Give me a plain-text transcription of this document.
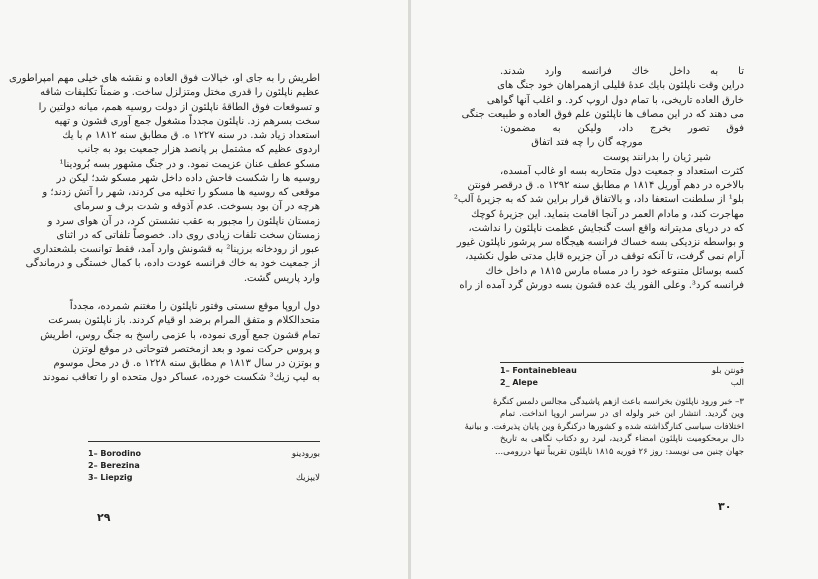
اطریش را به جای او، خیالات فوق العاده و نقشه های خیلی مهم امپراطوری
عظیم ناپلئون را قدری مختل ومتزلزل ساخت. و ضمناً تکلیفات شاقه
و تسوقعات فوق الطاقهٔ ناپلئون از دولت روسیه همم، میانه دولتین را
سخت بسرهم زد. ناپلئون مجدداً مشغول جمع آوری قشون و تهیه
استعداد زیاد شد. در سنه ۱۲۲۷ ه. ق مطابق سنه ۱۸۱۲ م با یك
اردوی عظیم که مشتمل بر پانصد هزار جمعیت بود به جانب
مسکو عطف عنان عزیمت نمود. و در جنگ مشهور بسه بُرودینا¹
روسیه ها را شکست فاحش داده داخل شهر مسکو شد؛ لیکن در
موقعی که روسیه ها مسکو را تخلیه می کردند، شهر را آتش زدند؛ و
هرچه در آن بود بسوخت. عدم آذوقه و شدت برف و سرمای
زمستان ناپلئون را مجبور به عقب نشستن کرد، در آن هوای سرد و
زمستان سخت تلفات زیادی روی داد. خصوصاً تلفاتی که در اثنای
عبور از رودخانه برزینا² به قشونش وارد آمد، فقط توانست بلشعتداری
از جمعیت خود به خاك فرانسه عودت داده، با کمال خستگی و درماندگی
وارد پاریس گشت.

دول اروپا موقع سستی وفتور ناپلئون را مغتنم شمرده، مجدداً
متحدالکلام و متفق المرام برضد او قیام کردند. باز ناپلئون بسرعت
تمام قشون جمع آوری نموده، با عزمی راسخ به جنگ روس، اطریش
و پروس حرکت نمود و بعد ازمختصر فتوحاتی در موقع لوتزن
و بوتزن در سال ۱۸۱۳ م مطابق سنه ۱۲۲۸ ه. ق در محل موسوم
به لیپ زیك³ شکست خورده، عساکر دول متحده او را تعاقب نمودند
1– Borodino	بورودینو
2– Berezina
3– Liepzig	لایپزیك
۲۹
تا به داخل خاك فرانسه وارد شدند.
دراین وقت ناپلئون بایك عدهٔ قلیلی ازهمراهان خود جنگ های
خارق العاده تاریخی، با تمام دول اروپ کرد. و اغلب آنها گواهی
می دهند که در این مصاف ها ناپلئون علم فوق العاده و طبیعت جنگی
فوق تصور بخرج داد، ولیکن به مضمون:
مورچه گان را چه فتد اتفاق
شیر ژیان را بدرانند پوست
کثرت استعداد و جمعیت دول متحاربه بسه او غالب آمسده،
بالاخره در دهم آوریل ۱۸۱۴ م مطابق سنه ۱۲۹۲ ه. ق درقصر فونتن
بلو¹ از سلطنت استعفا داد، و بالاتفاق قرار براین شد که به جزیرهٔ آلب²
مهاجرت کند، و مادام العمر در آنجا اقامت بنماید. این جزیرهٔ کوچك
که در دریای مدیترانه واقع است گنجایش عظمت ناپلئون را نداشت،
و بواسطه نزدیکی بسه خساك فرانسه هیجگاه سر پرشور ناپلئون غیور
آرام نمی گرفت، تا آنکه توقف در آن جزیره قابل مدتی طول نکشید،
کسه بوسائل متنوعه خود را در مساه مارس ۱۸۱۵ م داخل خاك
فرانسه کرد³. وعلی الفور یك عده قشون بسه دورش گرد آمده از راه
1– Fontainebleau	فونتن بلو
2_ Alepe	الب
۳– خبر ورود ناپلئون بخرانسه باعث ازهم پاشیدگی مجالس دلمس کنگرهٔ
وین گردید. انتشار این خبر ولوله ای در سراسر اروپا انداخت. تمام
اختلافات سیاسی کنارگذاشته شده و کشورها درکنگرهٔ وین پایان پذیرفت. و بیانیهٔ
دال برمحکومیت ناپلئون امضاء گردید، لیرد رو دکتاب نگاهی به تاریخ
جهان چنین می نویسد: روز ۲۶ فوریه ۱۸۱۵ ناپلئون تقریباً تنها دررومی...
۳۰
